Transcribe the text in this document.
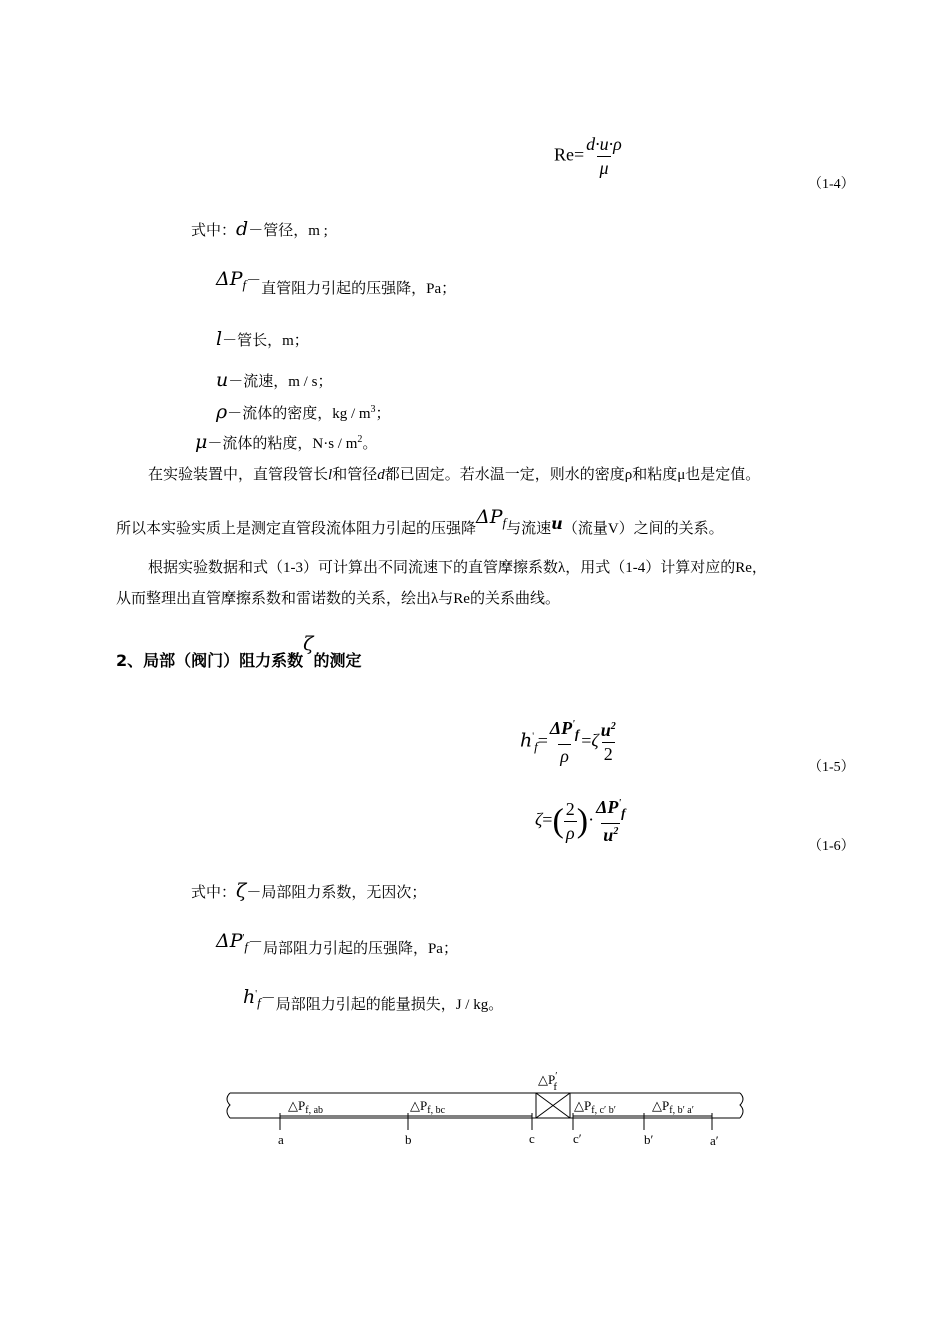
$Re= \frac{d\cdot u\cdot\rho}{\mu}$
（1-4）
式中：d－管径，m ;
$\Delta P_f-$直管阻力引起的压强降，Pa；
l－管长，m；
u－流速，m / s；
ρ－流体的密度，kg / $m^3$；
μ－流体的粘度，$N\cdot s / m^2$。
在实验装置中，直管段管长l和管径d都已固定。若水温一定，则水的密度ρ和粘度μ也是定值。
所以本实验实质上是测定直管段流体阻力引起的压强降$\Delta P_f$与流速u（流量V）之间的关系。
根据实验数据和式（1-3）可计算出不同流速下的直管摩擦系数λ，用式（1-4）计算对应的Re，
从而整理出直管摩擦系数和雷诺数的关系，绘出λ与Re的关系曲线。
2、局部（阀门）阻力系数ζ的测定
$h'_f= \frac{\Delta P'_f}{\rho} =\zeta \frac{u^2}{2}$
（1-5）
$\zeta=( \frac{2}{\rho}$ )· $\frac{\Delta P'_f}{u^2}$
（1-6）
式中：ζ－局部阻力系数，无因次；
$\Delta P'_f-$局部阻力引起的压强降，Pa；
$h'_f-$局部阻力引起的能量损失，J / kg。
△P′ f
$\triangle P_{f, ab}$	$\triangle P_{f, bc}$	$\triangle P_{f, c' b'}$	$\triangle P_{f, b' a'}$
a	b	c	c′	b′	a′
